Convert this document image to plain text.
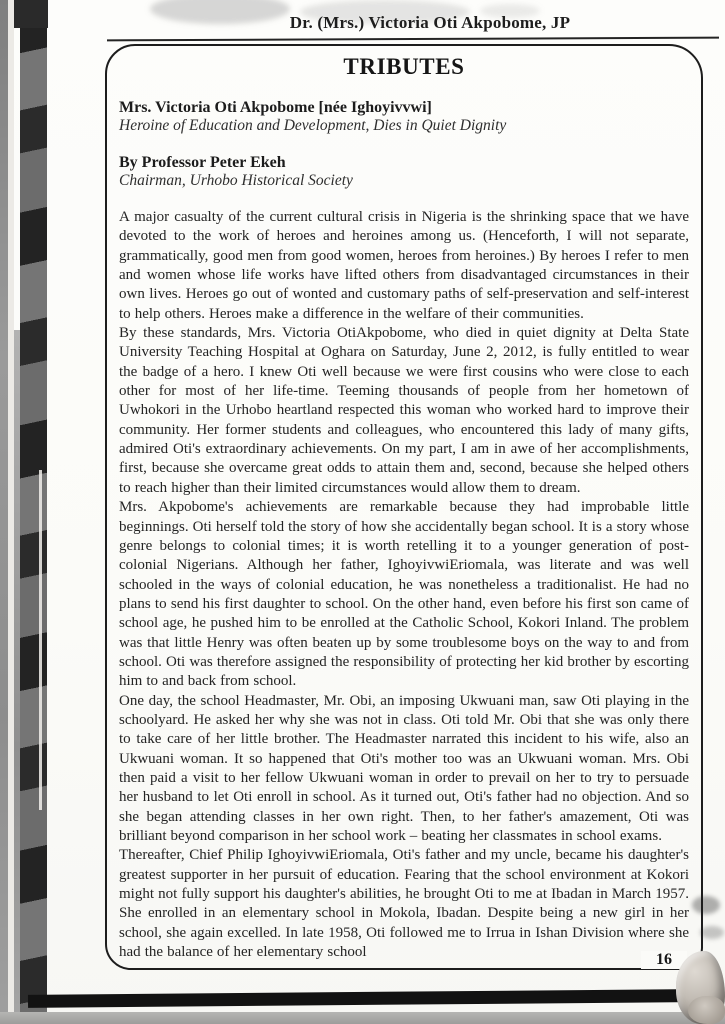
Dr. (Mrs.) Victoria Oti Akpobome, JP
TRIBUTES
Mrs. Victoria Oti Akpobome [née Ighoyivvwi]
Heroine of Education and Development, Dies in Quiet Dignity
By Professor Peter Ekeh
Chairman, Urhobo Historical Society

A major casualty of the current cultural crisis in Nigeria is the shrinking space that we have devoted to the work of heroes and heroines among us. (Henceforth, I will not separate, grammatically, good men from good women, heroes from heroines.) By heroes I refer to men and women whose life works have lifted others from disadvantaged circumstances in their own lives. Heroes go out of wonted and customary paths of self-preservation and self-interest to help others. Heroes make a difference in the welfare of their communities.

By these standards, Mrs. Victoria OtiAkpobome, who died in quiet dignity at Delta State University Teaching Hospital at Oghara on Saturday, June 2, 2012, is fully entitled to wear the badge of a hero. I knew Oti well because we were first cousins who were close to each other for most of her life-time. Teeming thousands of people from her hometown of Uwhokori in the Urhobo heartland respected this woman who worked hard to improve their community. Her former students and colleagues, who encountered this lady of many gifts, admired Oti's extraordinary achievements. On my part, I am in awe of her accomplishments, first, because she overcame great odds to attain them and, second, because she helped others to reach higher than their limited circumstances would allow them to dream.

Mrs. Akpobome's achievements are remarkable because they had improbable little beginnings. Oti herself told the story of how she accidentally began school. It is a story whose genre belongs to colonial times; it is worth retelling it to a younger generation of post-colonial Nigerians. Although her father, IghoyivwiEriomala, was literate and was well schooled in the ways of colonial education, he was nonetheless a traditionalist. He had no plans to send his first daughter to school. On the other hand, even before his first son came of school age, he pushed him to be enrolled at the Catholic School, Kokori Inland. The problem was that little Henry was often beaten up by some troublesome boys on the way to and from school. Oti was therefore assigned the responsibility of protecting her kid brother by escorting him to and back from school.

One day, the school Headmaster, Mr. Obi, an imposing Ukwuani man, saw Oti playing in the schoolyard. He asked her why she was not in class. Oti told Mr. Obi that she was only there to take care of her little brother. The Headmaster narrated this incident to his wife, also an Ukwuani woman. It so happened that Oti's mother too was an Ukwuani woman. Mrs. Obi then paid a visit to her fellow Ukwuani woman in order to prevail on her to try to persuade her husband to let Oti enroll in school. As it turned out, Oti's father had no objection. And so she began attending classes in her own right. Then, to her father's amazement, Oti was brilliant beyond comparison in her school work – beating her classmates in school exams.

Thereafter, Chief Philip IghoyivwiEriomala, Oti's father and my uncle, became his daughter's greatest supporter in her pursuit of education. Fearing that the school environment at Kokori might not fully support his daughter's abilities, he brought Oti to me at Ibadan in March 1957. She enrolled in an elementary school in Mokola, Ibadan. Despite being a new girl in her school, she again excelled. In late 1958, Oti followed me to Irrua in Ishan Division where she had the balance of her elementary school	16
